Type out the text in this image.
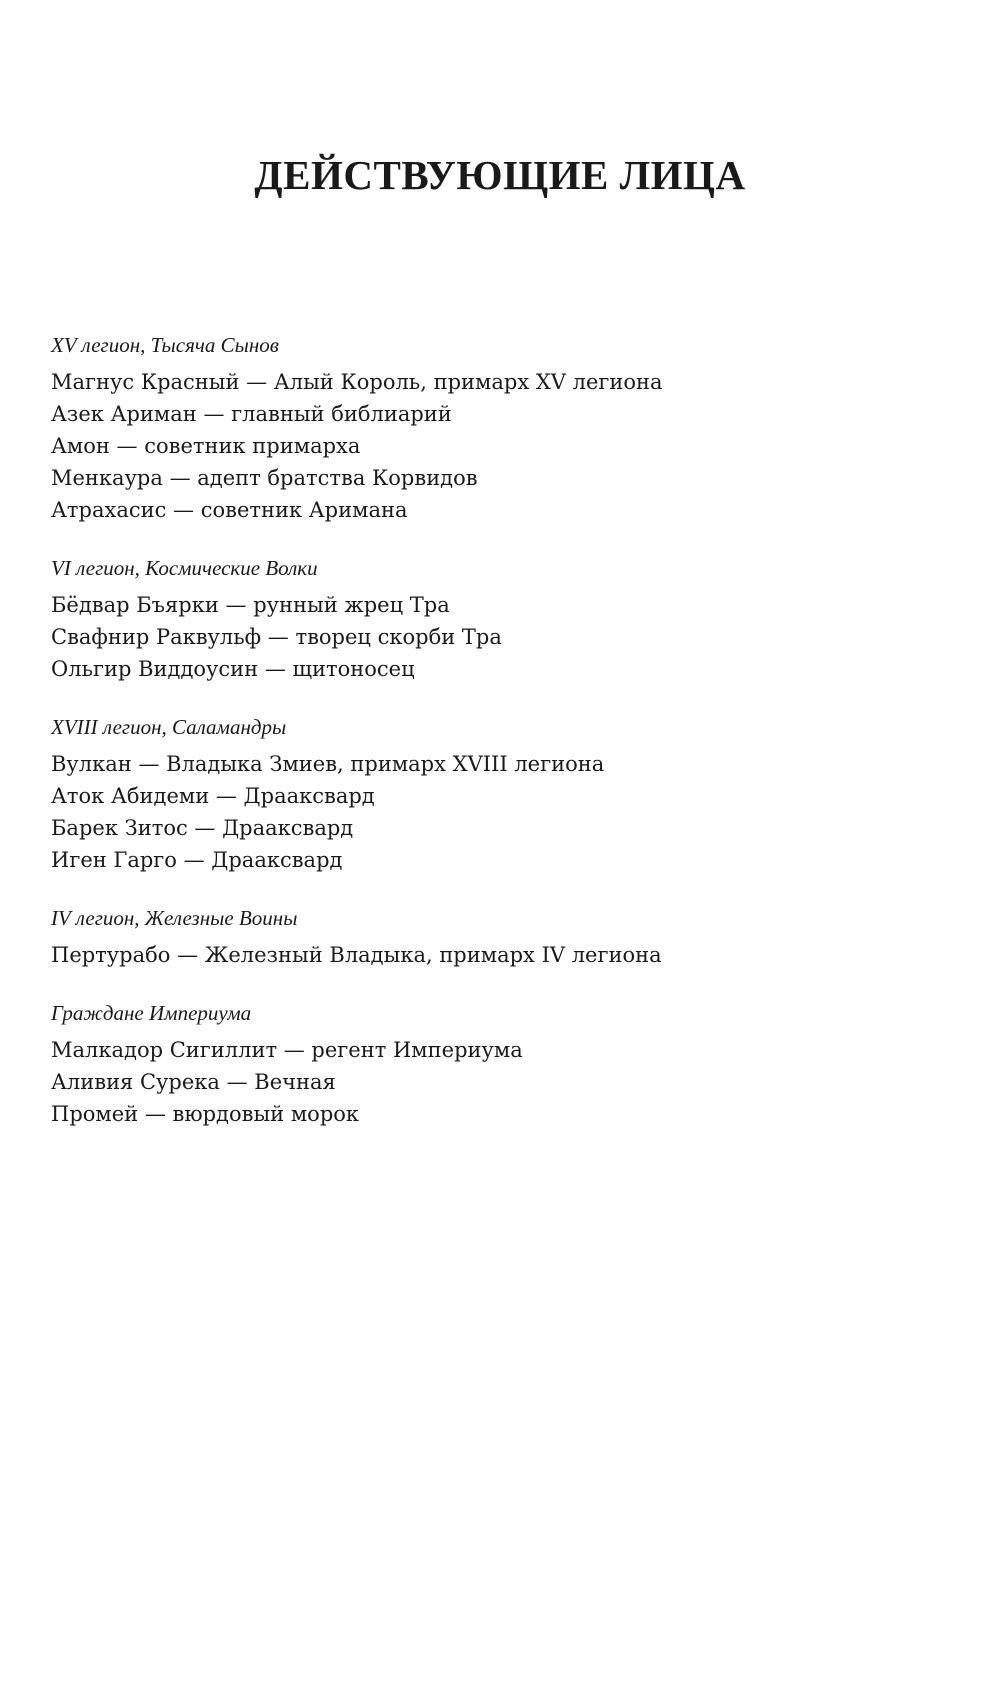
ДЕЙСТВУЮЩИЕ ЛИЦА
XV легион, Тысяча Сынов
Магнус Красный — Алый Король, примарх XV легиона
Азек Ариман — главный библиарий
Амон — советник примарха
Менкаура — адепт братства Корвидов
Атрахасис — советник Аримана
VI легион, Космические Волки
Бёдвар Бъярки — рунный жрец Тра
Свафнир Раквульф — творец скорби Тра
Ольгир Виддоусин — щитоносец
XVIII легион, Саламандры
Вулкан — Владыка Змиев, примарх XVIII легиона
Аток Абидеми — Драаксвард
Барек Зитос — Драаксвард
Иген Гарго — Драаксвард
IV легион, Железные Воины
Пертурабо — Железный Владыка, примарх IV легиона
Граждане Империума
Малкадор Сигиллит — регент Империума
Аливия Сурека — Вечная
Промей — вюрдовый морок
